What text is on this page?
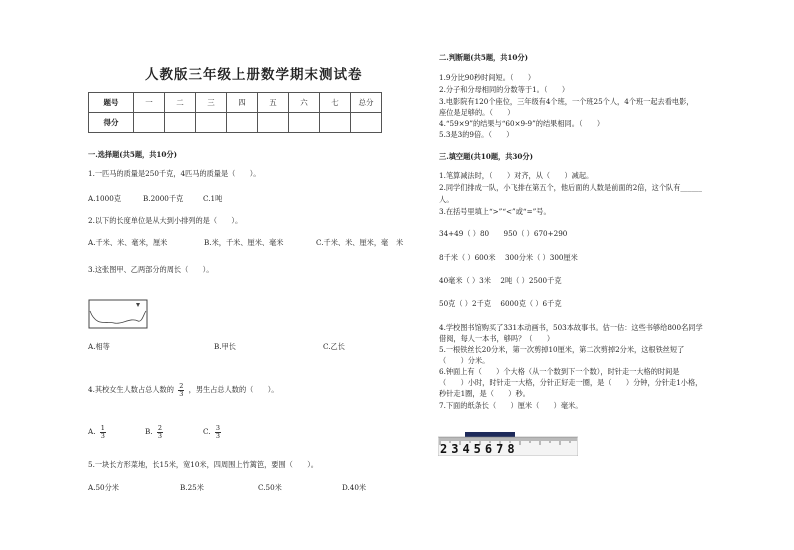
人教版三年级上册数学期末测试卷
题号	一	二	三	四	五	六	七	总分
得分								
一.选择题(共5题，共10分)
1.一匹马的质量是250千克，4匹马的质量是（　　）。
A.1000克	B.2000千克	C.1吨
2.以下的长度单位是从大到小排列的是（　　）。
A.千米、米、毫米，厘米	B.米，千米、厘米、毫米	C.千米、米、厘米，毫 米
3.这张图甲、乙两部分的周长（　　）。
A.相等	B.甲长	C.乙长
4.其校女生人数占总人数的 $\frac{2}{3}$ ，男生占总人数的（　　）。
A. $\frac{1}{3}$	B. $\frac{2}{3}$	C. $\frac{3}{3}$
5.一块长方形菜地，长15米，宽10米，四周围上竹篱笆，要围（　　）。
A.50分米	B.25米	C.50米	D.40米
二.判断题(共5题，共10分)
1.9分比90秒时间短。（　　）
2.分子和分母相同的分数等于1。（　　）
3.电影院有120个座位，三年级有4个班，一个班25个人，4个班一起去看电影，
座位是足够的。（　　）
4.“59×9”的结果与“60×9-9”的结果相同。（　　）
5.3是3的9倍。（　　）
三.填空题(共10题，共30分)
1.笔算减法时，（　　）对齐，从（　　）减起。
2.同学们排成一队，小飞排在第五个，他后面的人数是前面的2倍，这个队有______
人。
3.在括号里填上“>”“<”或“=”号。
34+49（ ）80　　950（ ）670+290
8千米（ ）600米　 300分米（ ）300厘米
40毫米（ ）3米　 2吨（ ）2500千克
50克（ ）2千克　 6000克（ ）6千克
4.学校图书馆购买了331本动画书，503本故事书。估一估：这些书够给800名同学
借阅，每人一本书，够吗？（　　）
5.一根铁丝长20分米，第一次剪掉10厘米，第二次剪掉2分米，这根铁丝短了
（　　）分米。
6.钟面上有（　　）个大格（从一个数到下一个数），时针走一大格的时间是
（　　）小时，时针走一大格，分针正好走一圈，是（　　）分钟，分针走1小格，
秒针走1圈，是（　　）秒。
7.下面的纸条长（　　）厘米（　　）毫米。
2345678
